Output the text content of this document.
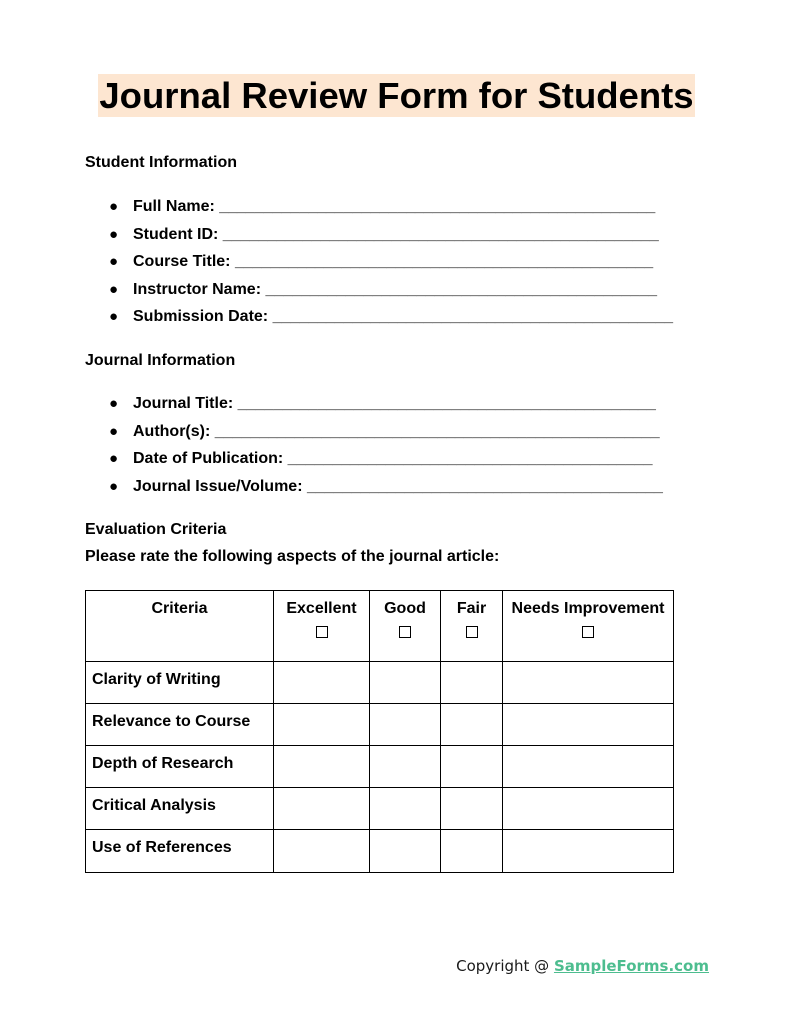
Journal Review Form for Students
Student Information
● Full Name: _________________________________________________
● Student ID: _________________________________________________
● Course Title: _______________________________________________
● Instructor Name: ____________________________________________
● Submission Date: _____________________________________________
Journal Information
● Journal Title: _______________________________________________
● Author(s): __________________________________________________
● Date of Publication: _________________________________________
● Journal Issue/Volume: ________________________________________
Evaluation Criteria

Please rate the following aspects of the journal article:

Criteria	Excellent	Good	Fair	Needs Improvement

Clarity of Writing				
Relevance to Course				
Depth of Research				
Critical Analysis				
Use of References				
Copyright @ SampleForms.com
